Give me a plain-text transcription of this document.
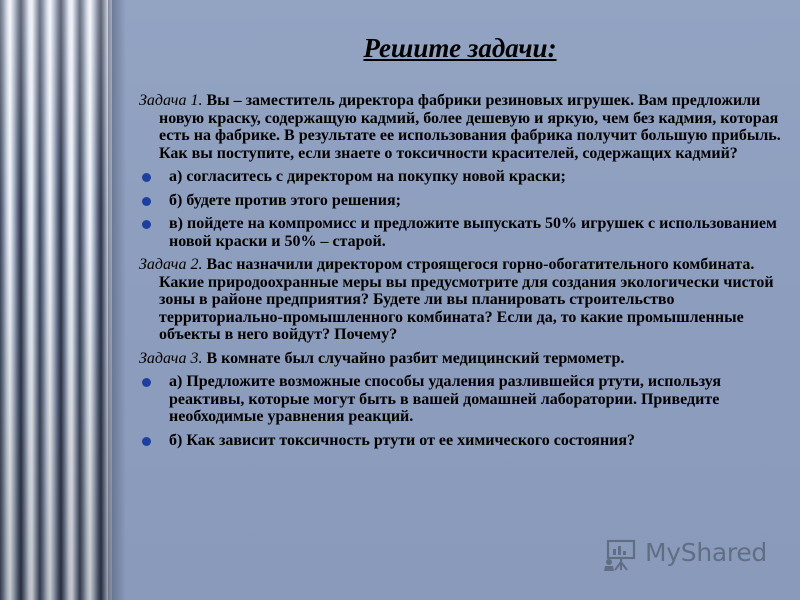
Решите задачи:

Задача 1. Вы – заместитель директора фабрики резиновых игрушек. Вам предложили новую краску, содержащую кадмий, более дешевую и яркую, чем без кадмия, которая есть на фабрике. В результате ее использования фабрика получит большую прибыль. Как вы поступите, если знаете о токсичности красителей, содержащих кадмий?

а) согласитесь с директором на покупку новой краски;
б) будете против этого решения;
в) пойдете на компромисс и предложите выпускать 50% игрушек с использованием новой краски и 50% – старой.

Задача 2. Вас назначили директором строящегося горно-обогатительного комбината. Какие природоохранные меры вы предусмотрите для создания экологически чистой зоны в районе предприятия? Будете ли вы планировать строительство территориально-промышленного комбината? Если да, то какие промышленные объекты в него войдут? Почему?

Задача 3. В комнате был случайно разбит медицинский термометр.

а) Предложите возможные способы удаления разлившейся ртути, используя реактивы, которые могут быть в вашей домашней лаборатории. Приведите необходимые уравнения реакций.
б) Как зависит токсичность ртути от ее химического состояния?
MyShared
